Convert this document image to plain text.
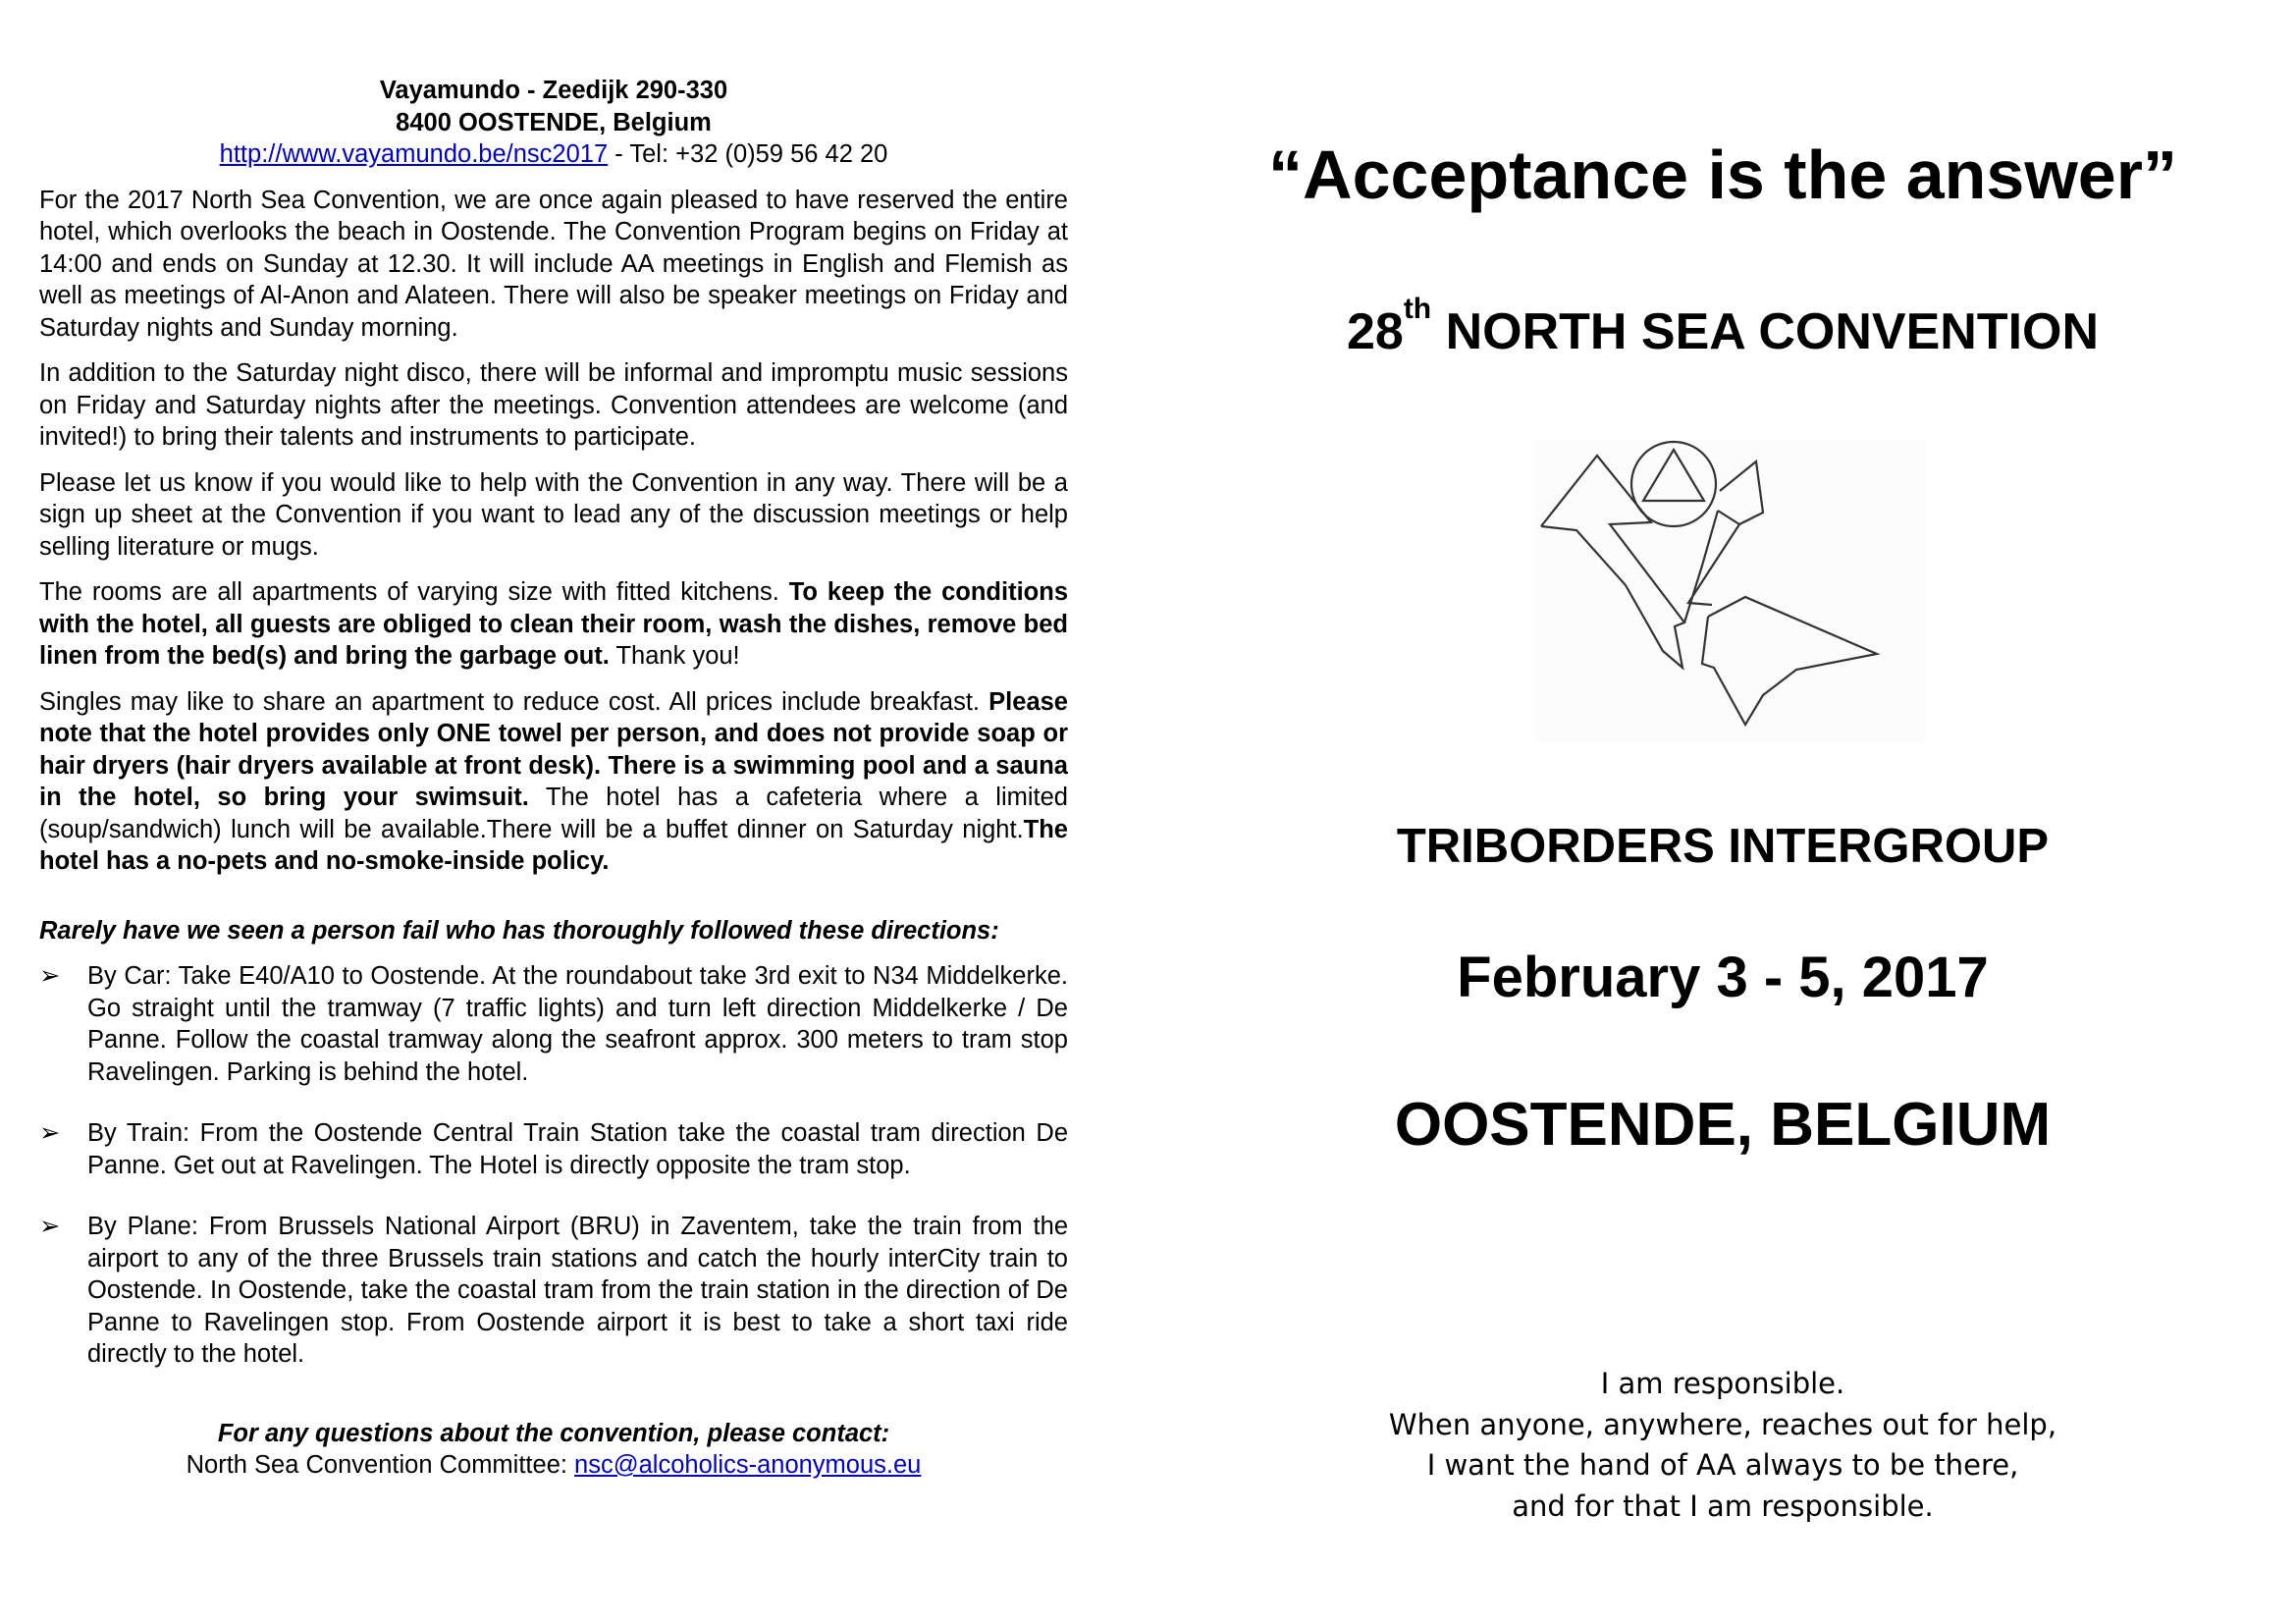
Vayamundo - Zeedijk 290-330
8400 OOSTENDE, Belgium
http://www.vayamundo.be/nsc2017 - Tel: +32 (0)59 56 42 20
For the 2017 North Sea Convention, we are once again pleased to have reserved the entire hotel, which overlooks the beach in Oostende. The Convention Program begins on Friday at 14:00 and ends on Sunday at 12.30. It will include AA meetings in English and Flemish as well as meetings of Al-Anon and Alateen. There will also be speaker meetings on Friday and Saturday nights and Sunday morning.
In addition to the Saturday night disco, there will be informal and impromptu music sessions on Friday and Saturday nights after the meetings. Convention attendees are welcome (and invited!) to bring their talents and instruments to participate.
Please let us know if you would like to help with the Convention in any way. There will be a sign up sheet at the Convention if you want to lead any of the discussion meetings or help selling literature or mugs.
The rooms are all apartments of varying size with fitted kitchens. To keep the conditions with the hotel, all guests are obliged to clean their room, wash the dishes, remove bed linen from the bed(s) and bring the garbage out. Thank you!
Singles may like to share an apartment to reduce cost. All prices include breakfast. Please note that the hotel provides only ONE towel per person, and does not provide soap or hair dryers (hair dryers available at front desk). There is a swimming pool and a sauna in the hotel, so bring your swimsuit. The hotel has a cafeteria where a limited (soup/sandwich) lunch will be available.There will be a buffet dinner on Saturday night.The hotel has a no-pets and no-smoke-inside policy.
Rarely have we seen a person fail who has thoroughly followed these directions:
➢ By Car: Take E40/A10 to Oostende. At the roundabout take 3rd exit to N34 Middelkerke. Go straight until the tramway (7 traffic lights) and turn left direction Middelkerke / De Panne. Follow the coastal tramway along the seafront approx. 300 meters to tram stop Ravelingen. Parking is behind the hotel.
➢ By Train: From the Oostende Central Train Station take the coastal tram direction De Panne. Get out at Ravelingen. The Hotel is directly opposite the tram stop.
➢ By Plane: From Brussels National Airport (BRU) in Zaventem, take the train from the airport to any of the three Brussels train stations and catch the hourly interCity train to Oostende. In Oostende, take the coastal tram from the train station in the direction of De Panne to Ravelingen stop. From Oostende airport it is best to take a short taxi ride directly to the hotel.
For any questions about the convention, please contact:
North Sea Convention Committee: nsc@alcoholics-anonymous.eu
“Acceptance is the answer”
28th NORTH SEA CONVENTION
TRIBORDERS INTERGROUP
February 3 - 5, 2017
OOSTENDE, BELGIUM
I am responsible.
When anyone, anywhere, reaches out for help,
I want the hand of AA always to be there,
and for that I am responsible.
